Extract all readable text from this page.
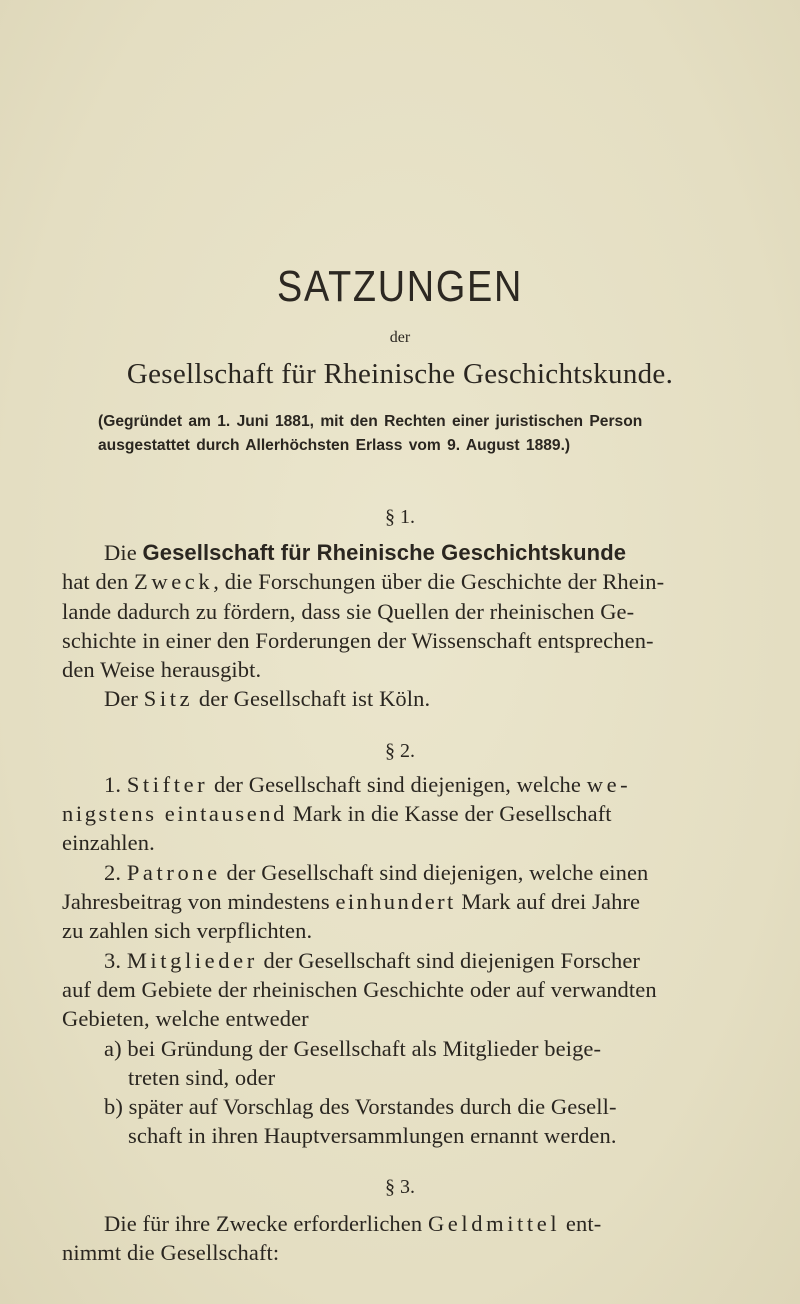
SATZUNGEN
der
Gesellschaft für Rheinische Geschichtskunde.
(Gegründet am 1. Juni 1881, mit den Rechten einer juristischen Person
ausgestattet durch Allerhöchsten Erlass vom 9. August 1889.)
§ 1.
Die Gesellschaft für Rheinische Geschichtskunde
hat den Zweck, die Forschungen über die Geschichte der Rhein-
lande dadurch zu fördern, dass sie Quellen der rheinischen Ge-
schichte in einer den Forderungen der Wissenschaft entsprechen-
den Weise herausgibt.
Der Sitz der Gesellschaft ist Köln.
§ 2.
1. Stifter der Gesellschaft sind diejenigen, welche we-
nigstens eintausend Mark in die Kasse der Gesellschaft
einzahlen.
2. Patrone der Gesellschaft sind diejenigen, welche einen
Jahresbeitrag von mindestens einhundert Mark auf drei Jahre
zu zahlen sich verpflichten.
3. Mitglieder der Gesellschaft sind diejenigen Forscher
auf dem Gebiete der rheinischen Geschichte oder auf verwandten
Gebieten, welche entweder
a) bei Gründung der Gesellschaft als Mitglieder beige-
treten sind, oder
b) später auf Vorschlag des Vorstandes durch die Gesell-
schaft in ihren Hauptversammlungen ernannt werden.
§ 3.
Die für ihre Zwecke erforderlichen Geldmittel ent-
nimmt die Gesellschaft:
